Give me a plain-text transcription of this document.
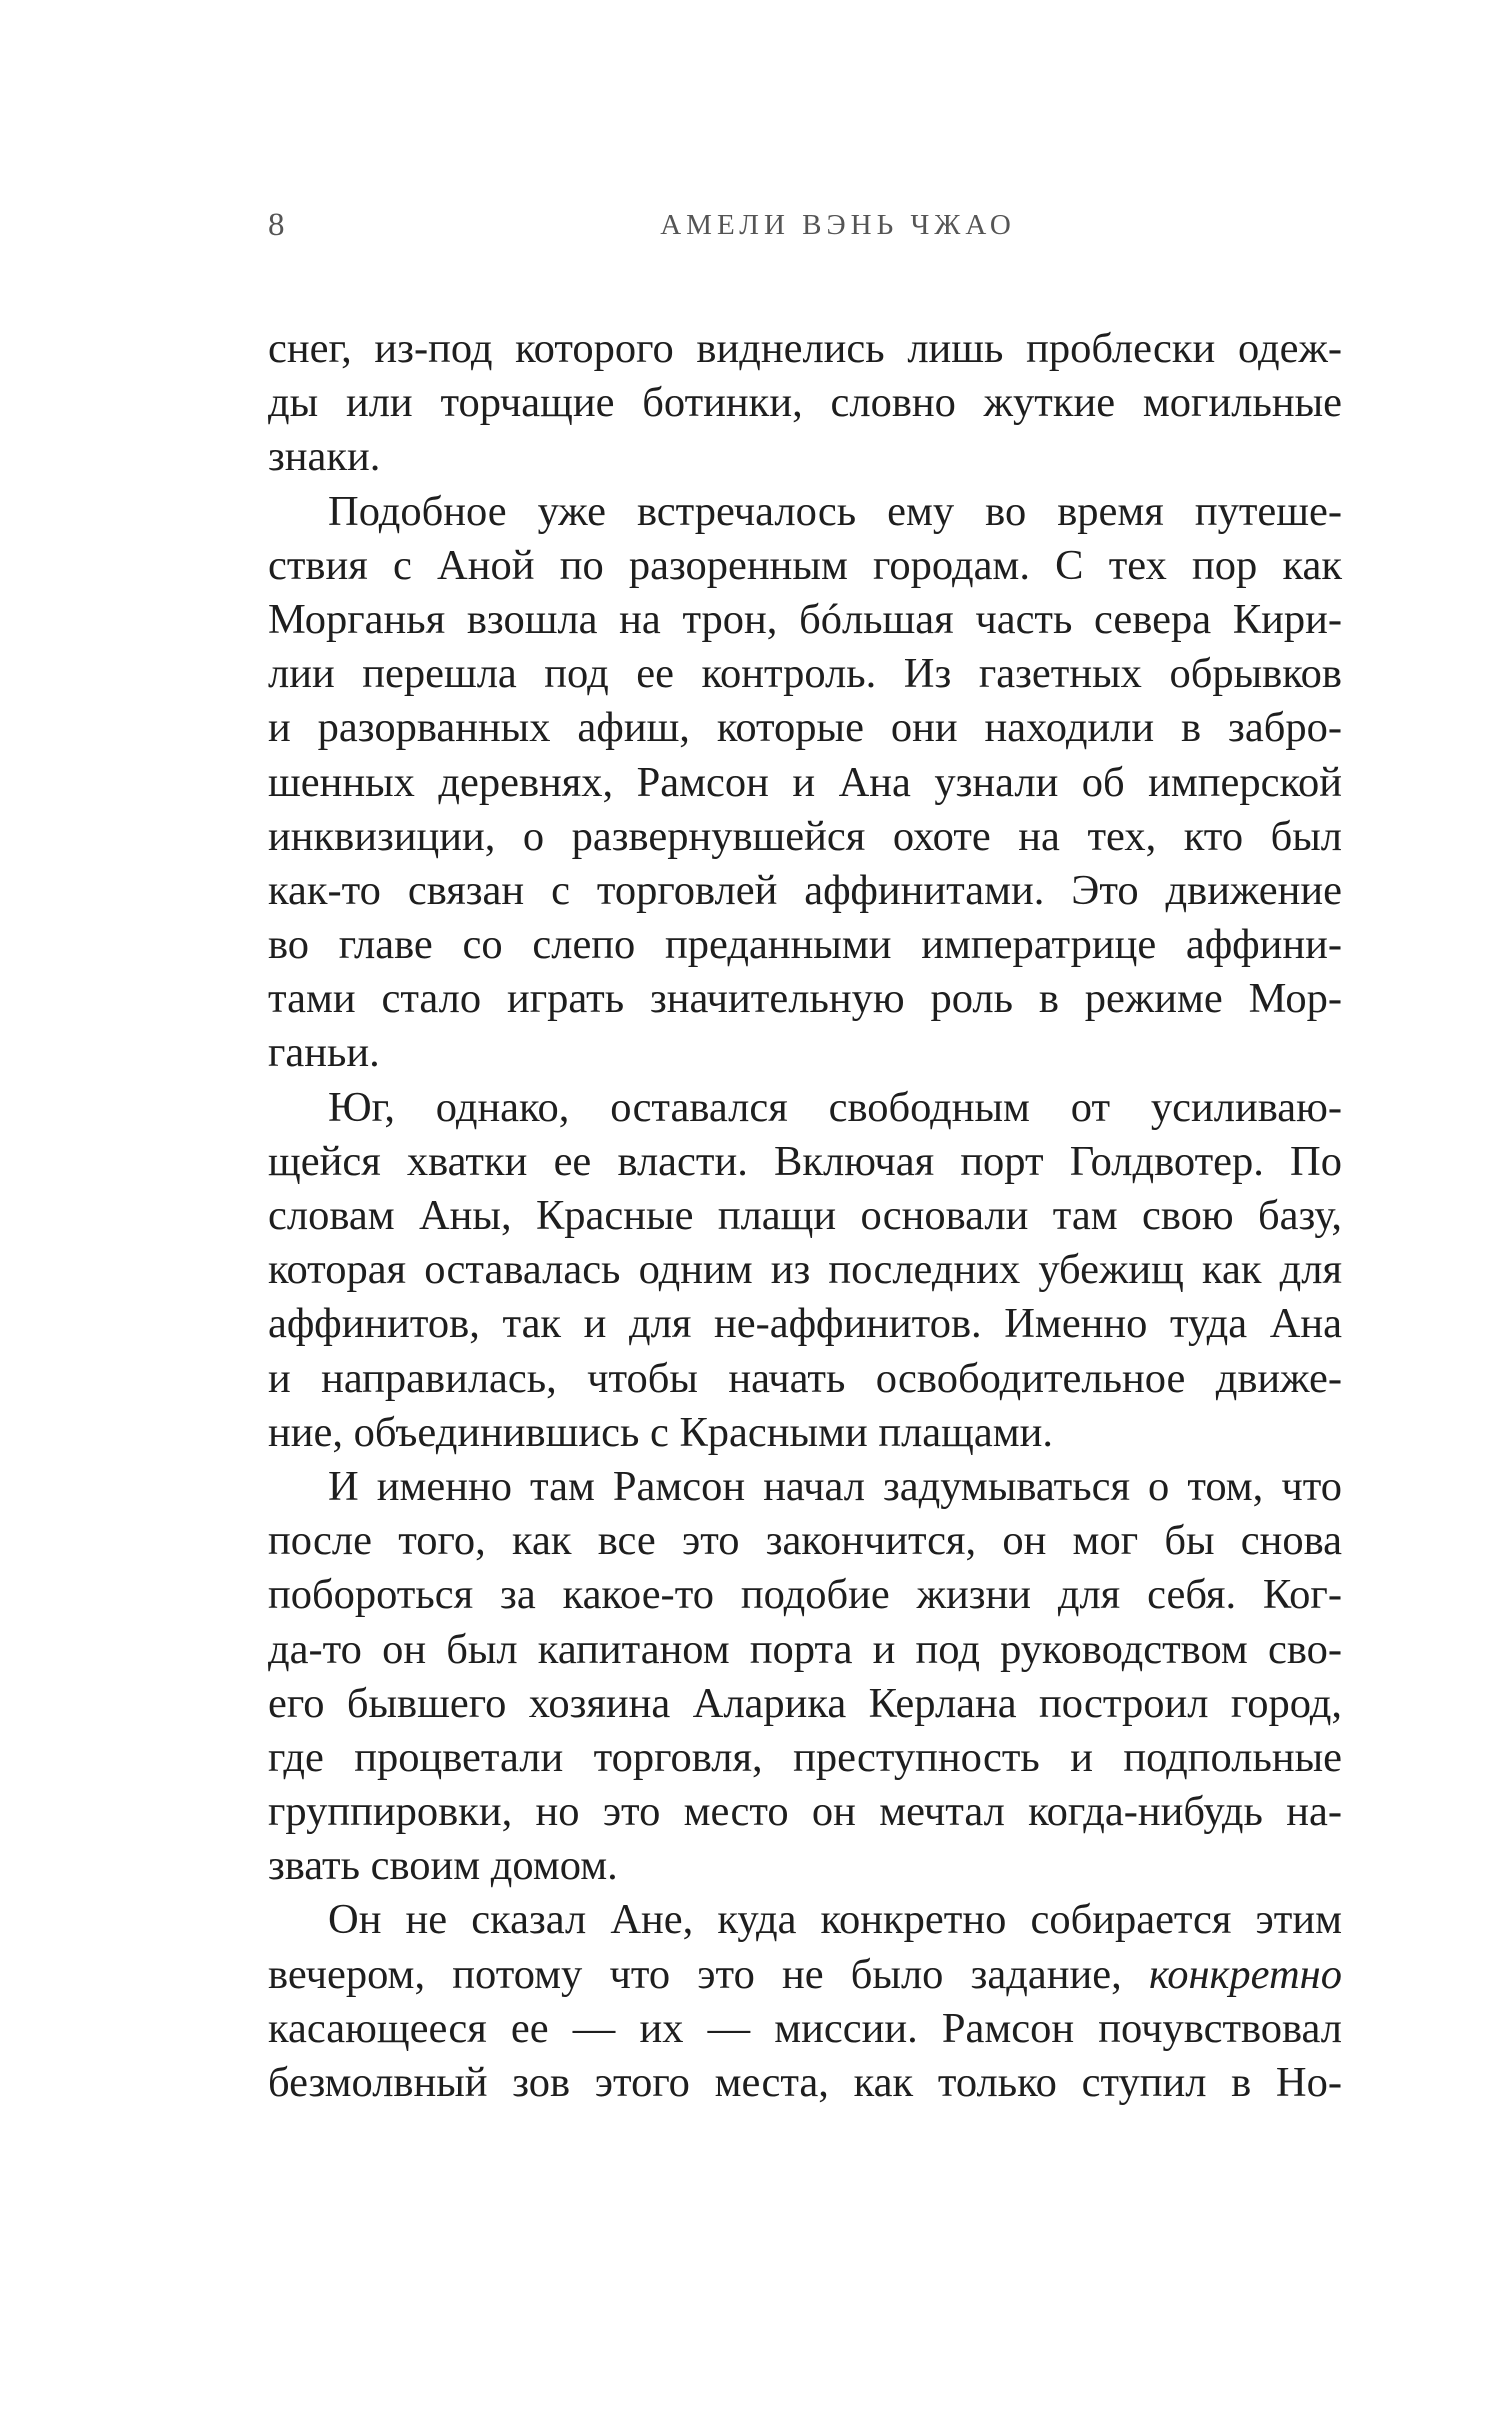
8	АМЕЛИ ВЭНЬ ЧЖАО

снег, из-под которого виднелись лишь проблески одеж-
ды или торчащие ботинки, словно жуткие могильные
знаки.

Подобное уже встречалось ему во время путеше-
ствия с Аной по разоренным городам. С тех пор как
Морганья взошла на трон, бóльшая часть севера Кири-
лии перешла под ее контроль. Из газетных обрывков
и разорванных афиш, которые они находили в забро-
шенных деревнях, Рамсон и Ана узнали об имперской
инквизиции, о развернувшейся охоте на тех, кто был
как-то связан с торговлей аффинитами. Это движение
во главе со слепо преданными императрице аффини-
тами стало играть значительную роль в режиме Мор-
ганьи.

Юг, однако, оставался свободным от усиливаю-
щейся хватки ее власти. Включая порт Голдвотер. По
словам Аны, Красные плащи основали там свою базу,
которая оставалась одним из последних убежищ как для
аффинитов, так и для не-аффинитов. Именно туда Ана
и направилась, чтобы начать освободительное движе-
ние, объединившись с Красными плащами.

И именно там Рамсон начал задумываться о том, что
после того, как все это закончится, он мог бы снова
побороться за какое-то подобие жизни для себя. Ког-
да-то он был капитаном порта и под руководством сво-
его бывшего хозяина Аларика Керлана построил город,
где процветали торговля, преступность и подпольные
группировки, но это место он мечтал когда-нибудь на-
звать своим домом.

Он не сказал Ане, куда конкретно собирается этим
вечером, потому что это не было задание, конкретно
касающееся ее — их — миссии. Рамсон почувствовал
безмолвный зов этого места, как только ступил в Но-
